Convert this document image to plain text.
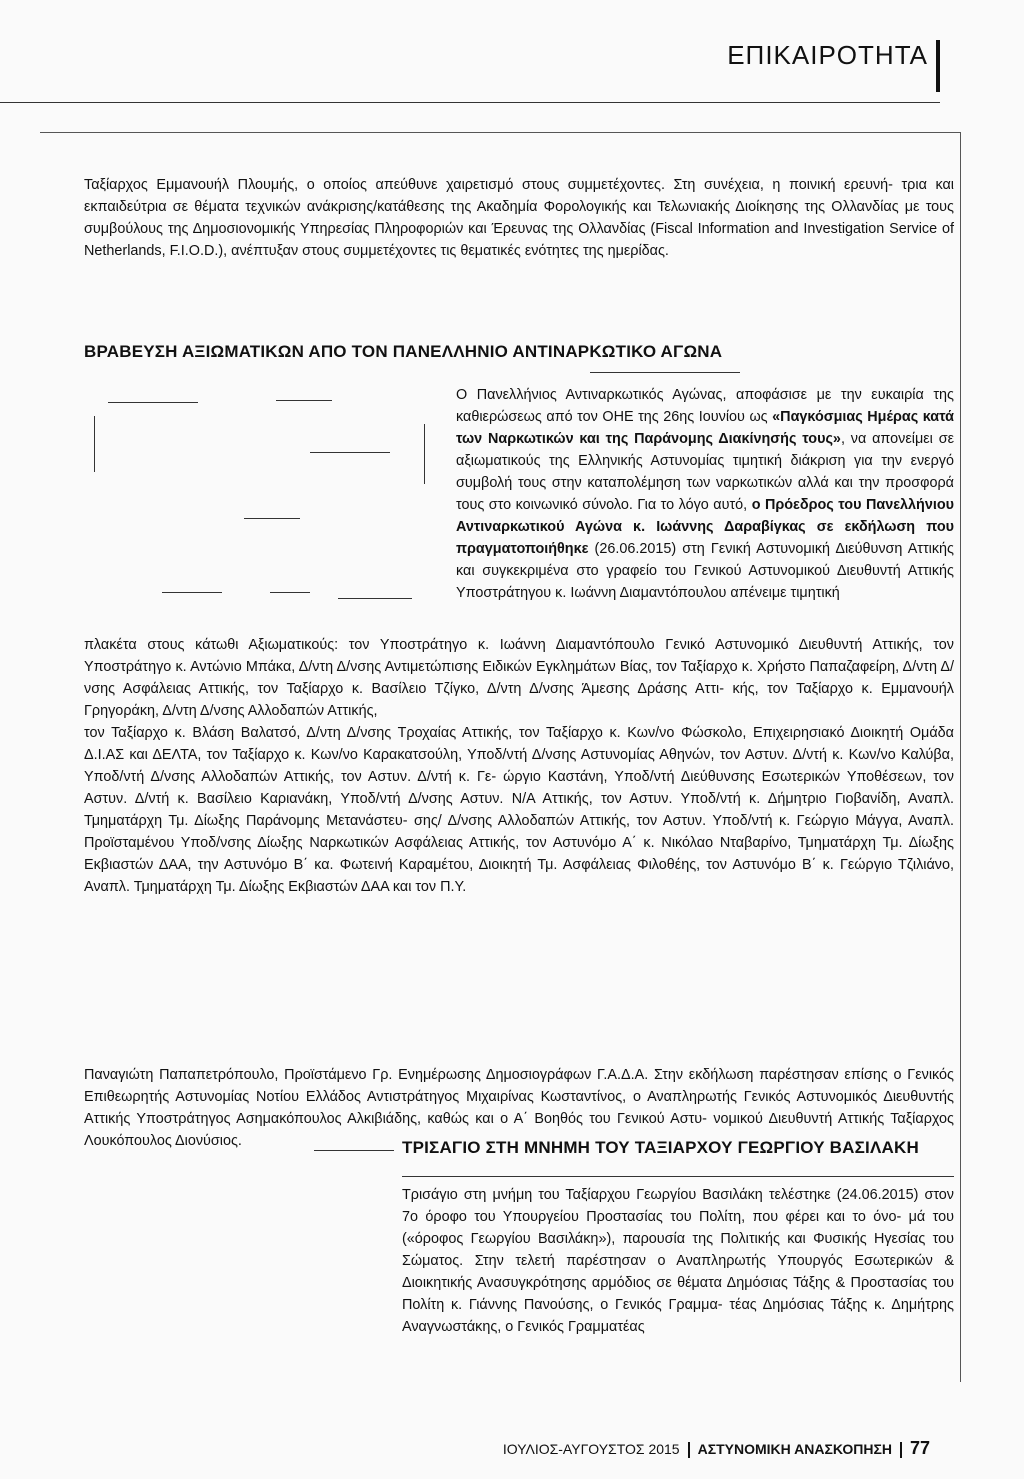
ΕΠΙΚΑΙΡΟΤΗΤΑ

Ταξίαρχος Εμμανουήλ Πλουμής, ο οποίος απεύθυνε χαιρετισμό στους συμμετέχοντες. Στη συνέχεια, η ποινική ερευνή- τρια και εκπαιδεύτρια σε θέματα τεχνικών ανάκρισης/κατάθεσης της Ακαδημία Φορολογικής και Τελωνιακής Διοίκησης της Ολλανδίας με τους συμβούλους της Δημοσιονομικής Υπηρεσίας Πληροφοριών και Έρευνας της Ολλανδίας (Fiscal Information and Investigation Service of Netherlands, F.I.O.D.), ανέπτυξαν στους συμμετέχοντες τις θεματικές ενότητες της ημερίδας.

ΒΡΑΒΕΥΣΗ ΑΞΙΩΜΑΤΙΚΩΝ ΑΠΟ ΤΟΝ ΠΑΝΕΛΛΗΝΙΟ ΑΝΤΙΝΑΡΚΩΤΙΚΟ ΑΓΩΝΑ

Ο Πανελλήνιος Αντιναρκωτικός Αγώνας, αποφάσισε με την ευκαιρία της καθιερώσεως από τον ΟΗΕ της 26ης Ιουνίου ως «Παγκόσμιας Ημέρας κατά των Ναρκωτικών και της Παράνομης Διακίνησής τους», να απονείμει σε αξιωματικούς της Ελληνικής Αστυνομίας τιμητική διάκριση για την ενεργό συμβολή τους στην καταπολέμηση των ναρκωτικών αλλά και την προσφορά τους στο κοινωνικό σύνολο. Για το λόγο αυτό, ο Πρόεδρος του Πανελλήνιου Αντιναρκωτικού Αγώνα κ. Ιωάννης Δαραβίγκας σε εκδήλωση που πραγματοποιήθηκε (26.06.2015) στη Γενική Αστυνομική Διεύθυνση Αττικής και συγκεκριμένα στο γραφείο του Γενικού Αστυνομικού Διευθυντή Αττικής Υποστράτηγου κ. Ιωάννη Διαμαντόπουλου απένειμε τιμητική

πλακέτα στους κάτωθι Αξιωματικούς: τον Υποστράτηγο κ. Ιωάννη Διαμαντόπουλο Γενικό Αστυνομικό Διευθυντή Αττικής, τον Υποστράτηγο κ. Αντώνιο Μπάκα, Δ/ντη Δ/νσης Αντιμετώπισης Ειδικών Εγκλημάτων Βίας, τον Ταξίαρχο κ. Χρήστο Παπαζαφείρη, Δ/ντη Δ/νσης Ασφάλειας Αττικής, τον Ταξίαρχο κ. Βασίλειο Τζίγκο, Δ/ντη Δ/νσης Άμεσης Δράσης Αττι- κής, τον Ταξίαρχο κ. Εμμανουήλ Γρηγοράκη, Δ/ντη Δ/νσης Αλλοδαπών Αττικής,

τον Ταξίαρχο κ. Βλάση Βαλατσό, Δ/ντη Δ/νσης Τροχαίας Αττικής, τον Ταξίαρχο κ. Κων/νο Φώσκολο, Επιχειρησιακό Διοικητή Ομάδα Δ.Ι.ΑΣ και ΔΕΛΤΑ, τον Ταξίαρχο κ. Κων/νο Καρακατσούλη, Υποδ/ντή Δ/νσης Αστυνομίας Αθηνών, τον Αστυν. Δ/ντή κ. Κων/νο Καλύβα, Υποδ/ντή Δ/νσης Αλλοδαπών Αττικής, τον Αστυν. Δ/ντή κ. Γε- ώργιο Καστάνη, Υποδ/ντή Διεύθυνσης Εσωτερικών Υποθέσεων, τον Αστυν. Δ/ντή κ. Βασίλειο Καριανάκη, Υποδ/ντή Δ/νσης Αστυν. Ν/Α Αττικής, τον Αστυν. Υποδ/ντή κ. Δήμητριο Γιοβανίδη, Αναπλ. Τμηματάρχη Τμ. Δίωξης Παράνομης Μετανάστευ- σης/ Δ/νσης Αλλοδαπών Αττικής, τον Αστυν. Υποδ/ντή κ. Γεώργιο Μάγγα, Αναπλ. Προϊσταμένου Υποδ/νσης Δίωξης Ναρκωτικών Ασφάλειας Αττικής, τον Αστυνόμο Α΄ κ. Νικόλαο Νταβαρίνο, Τμηματάρχη Τμ. Δίωξης Εκβιαστών ΔΑΑ, την Αστυνόμο Β΄ κα. Φωτεινή Καραμέτου, Διοικητή Τμ. Ασφάλειας Φιλοθέης, τον Αστυνόμο Β΄ κ. Γεώργιο Τζιλιάνο, Αναπλ. Τμηματάρχη Τμ. Δίωξης Εκβιαστών ΔΑΑ και τον Π.Υ.

Παναγιώτη Παπαπετρόπουλο, Προϊστάμενο Γρ. Ενημέρωσης Δημοσιογράφων Γ.Α.Δ.Α. Στην εκδήλωση παρέστησαν επίσης ο Γενικός Επιθεωρητής Αστυνομίας Νοτίου Ελλάδος Αντιστράτηγος Μιχαιρίνας Κωσταντίνος, ο Αναπληρωτής Γενικός Αστυνομικός Διευθυντής Αττικής Υποστράτηγος Ασημακόπουλος Αλκιβιάδης, καθώς και ο Α΄ Βοηθός του Γενικού Αστυ- νομικού Διευθυντή Αττικής Ταξίαρχος Λουκόπουλος Διονύσιος.	ΤΡΙΣΑΓΙΟ ΣΤΗ ΜΝΗΜΗ ΤΟΥ ΤΑΞΙΑΡΧΟΥ ΓΕΩΡΓΙΟΥ ΒΑΣΙΛΑΚΗ

Τρισάγιο στη μνήμη του Ταξίαρχου Γεωργίου Βασιλάκη τελέστηκε (24.06.2015) στον 7ο όροφο του Υπουργείου Προστασίας του Πολίτη, που φέρει και το όνο- μά του («όροφος Γεωργίου Βασιλάκη»), παρουσία της Πολιτικής και Φυσικής Ηγεσίας του Σώματος. Στην τελετή παρέστησαν ο Αναπληρωτής Υπουργός Εσωτερικών & Διοικητικής Ανασυγκρότησης αρμόδιος σε θέματα Δημόσιας Τάξης & Προστασίας του Πολίτη κ. Γιάννης Πανούσης, ο Γενικός Γραμμα- τέας Δημόσιας Τάξης κ. Δημήτρης Αναγνωστάκης, ο Γενικός Γραμματέας

ΙΟΥΛΙΟΣ-ΑΥΓΟΥΣΤΟΣ 2015 ΑΣΤΥΝΟΜΙΚΗ ΑΝΑΣΚΟΠΗΣΗ 77
